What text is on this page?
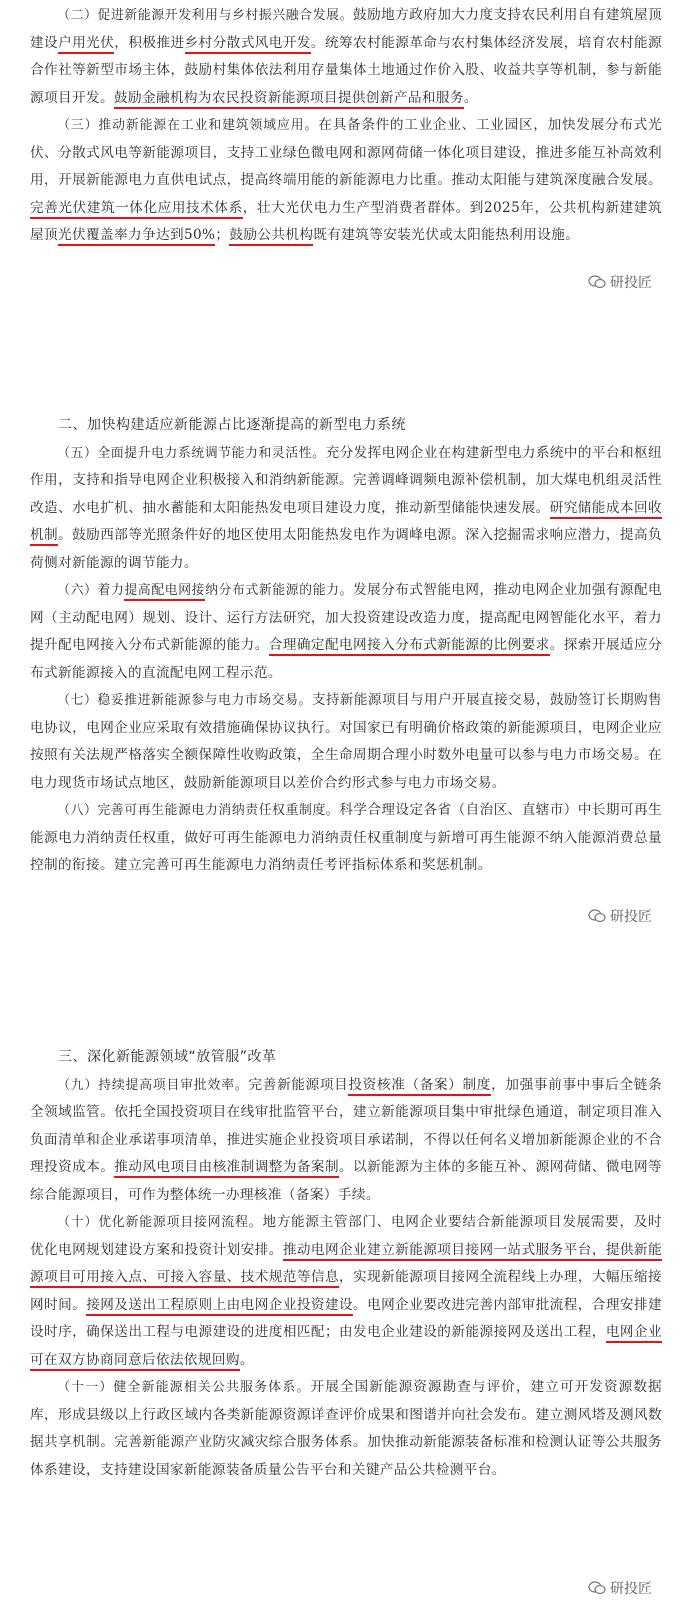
（二）促进新能源开发利用与乡村振兴融合发展。鼓励地方政府加大力度支持农民利用自有建筑屋顶建设户用光伏，积极推进乡村分散式风电开发。统筹农村能源革命与农村集体经济发展，培育农村能源合作社等新型市场主体，鼓励村集体依法利用存量集体土地通过作价入股、收益共享等机制，参与新能源项目开发。鼓励金融机构为农民投资新能源项目提供创新产品和服务。

（三）推动新能源在工业和建筑领域应用。在具备条件的工业企业、工业园区，加快发展分布式光伏、分散式风电等新能源项目，支持工业绿色微电网和源网荷储一体化项目建设，推进多能互补高效利用，开展新能源电力直供电试点，提高终端用能的新能源电力比重。推动太阳能与建筑深度融合发展。完善光伏建筑一体化应用技术体系，壮大光伏电力生产型消费者群体。到2025年，公共机构新建建筑屋顶光伏覆盖率力争达到50%；鼓励公共机构既有建筑等安装光伏或太阳能热利用设施。

研投匠

二、加快构建适应新能源占比逐渐提高的新型电力系统

（五）全面提升电力系统调节能力和灵活性。充分发挥电网企业在构建新型电力系统中的平台和枢纽作用，支持和指导电网企业积极接入和消纳新能源。完善调峰调频电源补偿机制，加大煤电机组灵活性改造、水电扩机、抽水蓄能和太阳能热发电项目建设力度，推动新型储能快速发展。研究储能成本回收机制。鼓励西部等光照条件好的地区使用太阳能热发电作为调峰电源。深入挖掘需求响应潜力，提高负荷侧对新能源的调节能力。

（六）着力提高配电网接纳分布式新能源的能力。发展分布式智能电网，推动电网企业加强有源配电网（主动配电网）规划、设计、运行方法研究，加大投资建设改造力度，提高配电网智能化水平，着力提升配电网接入分布式新能源的能力。合理确定配电网接入分布式新能源的比例要求。探索开展适应分布式新能源接入的直流配电网工程示范。

（七）稳妥推进新能源参与电力市场交易。支持新能源项目与用户开展直接交易，鼓励签订长期购售电协议，电网企业应采取有效措施确保协议执行。对国家已有明确价格政策的新能源项目，电网企业应按照有关法规严格落实全额保障性收购政策，全生命周期合理小时数外电量可以参与电力市场交易。在电力现货市场试点地区，鼓励新能源项目以差价合约形式参与电力市场交易。

（八）完善可再生能源电力消纳责任权重制度。科学合理设定各省（自治区、直辖市）中长期可再生能源电力消纳责任权重，做好可再生能源电力消纳责任权重制度与新增可再生能源不纳入能源消费总量控制的衔接。建立完善可再生能源电力消纳责任考评指标体系和奖惩机制。

研投匠

三、深化新能源领域“放管服”改革

（九）持续提高项目审批效率。完善新能源项目投资核准（备案）制度，加强事前事中事后全链条全领域监管。依托全国投资项目在线审批监管平台，建立新能源项目集中审批绿色通道，制定项目准入负面清单和企业承诺事项清单，推进实施企业投资项目承诺制，不得以任何名义增加新能源企业的不合理投资成本。推动风电项目由核准制调整为备案制。以新能源为主体的多能互补、源网荷储、微电网等综合能源项目，可作为整体统一办理核准（备案）手续。

（十）优化新能源项目接网流程。地方能源主管部门、电网企业要结合新能源项目发展需要，及时优化电网规划建设方案和投资计划安排。推动电网企业建立新能源项目接网一站式服务平台，提供新能源项目可用接入点、可接入容量、技术规范等信息，实现新能源项目接网全流程线上办理，大幅压缩接网时间。接网及送出工程原则上由电网企业投资建设。电网企业要改进完善内部审批流程，合理安排建设时序，确保送出工程与电源建设的进度相匹配；由发电企业建设的新能源接网及送出工程，电网企业可在双方协商同意后依法依规回购。

（十一）健全新能源相关公共服务体系。开展全国新能源资源勘查与评价，建立可开发资源数据库，形成县级以上行政区域内各类新能源资源详查评价成果和图谱并向社会发布。建立测风塔及测风数据共享机制。完善新能源产业防灾减灾综合服务体系。加快推动新能源装备标准和检测认证等公共服务体系建设，支持建设国家新能源装备质量公告平台和关键产品公共检测平台。

研投匠
